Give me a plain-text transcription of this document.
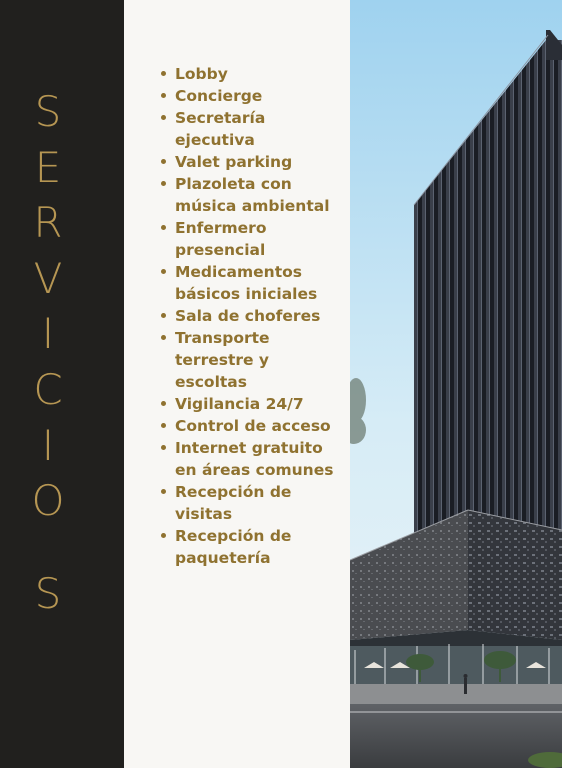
S
E
R
V
I
C
I
O
S
Lobby
Concierge
Secretaría ejecutiva
Valet parking
Plazoleta con música ambiental
Enfermero presencial
Medicamentos básicos iniciales
Sala de choferes
Transporte terrestre y escoltas
Vigilancia 24/7
Control de acceso
Internet gratuito en áreas comunes
Recepción de visitas
Recepción de paquetería
